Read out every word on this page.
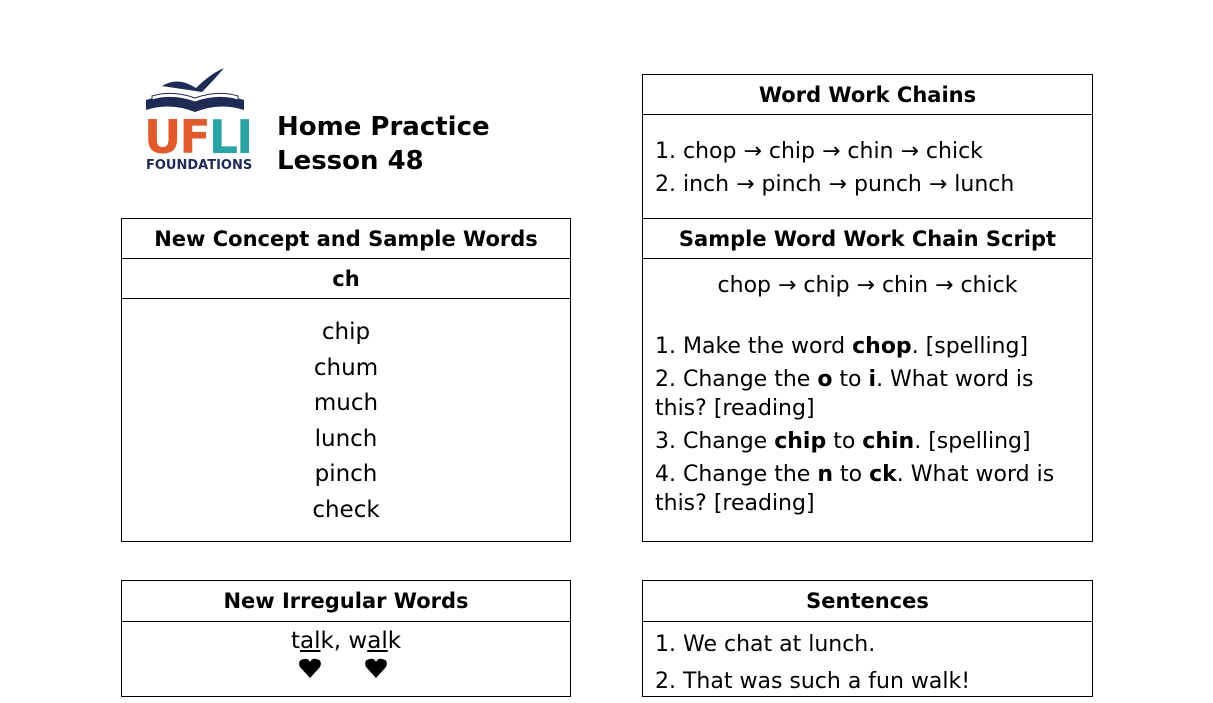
UFLI
FOUNDATIONS
Home Practice
Lesson 48
New Concept and Sample Words
ch
chip
chum
much
lunch
pinch
check
New Irregular Words
talk, walk
Word Work Chains
1. chop → chip → chin → chick
2. inch → pinch → punch → lunch
Sample Word Work Chain Script
chop → chip → chin → chick
1. Make the word chop. [spelling]
2. Change the o to i. What word is this? [reading]
3. Change chip to chin. [spelling]
4. Change the n to ck. What word is this? [reading]
Sentences
1. We chat at lunch.
2. That was such a fun walk!
